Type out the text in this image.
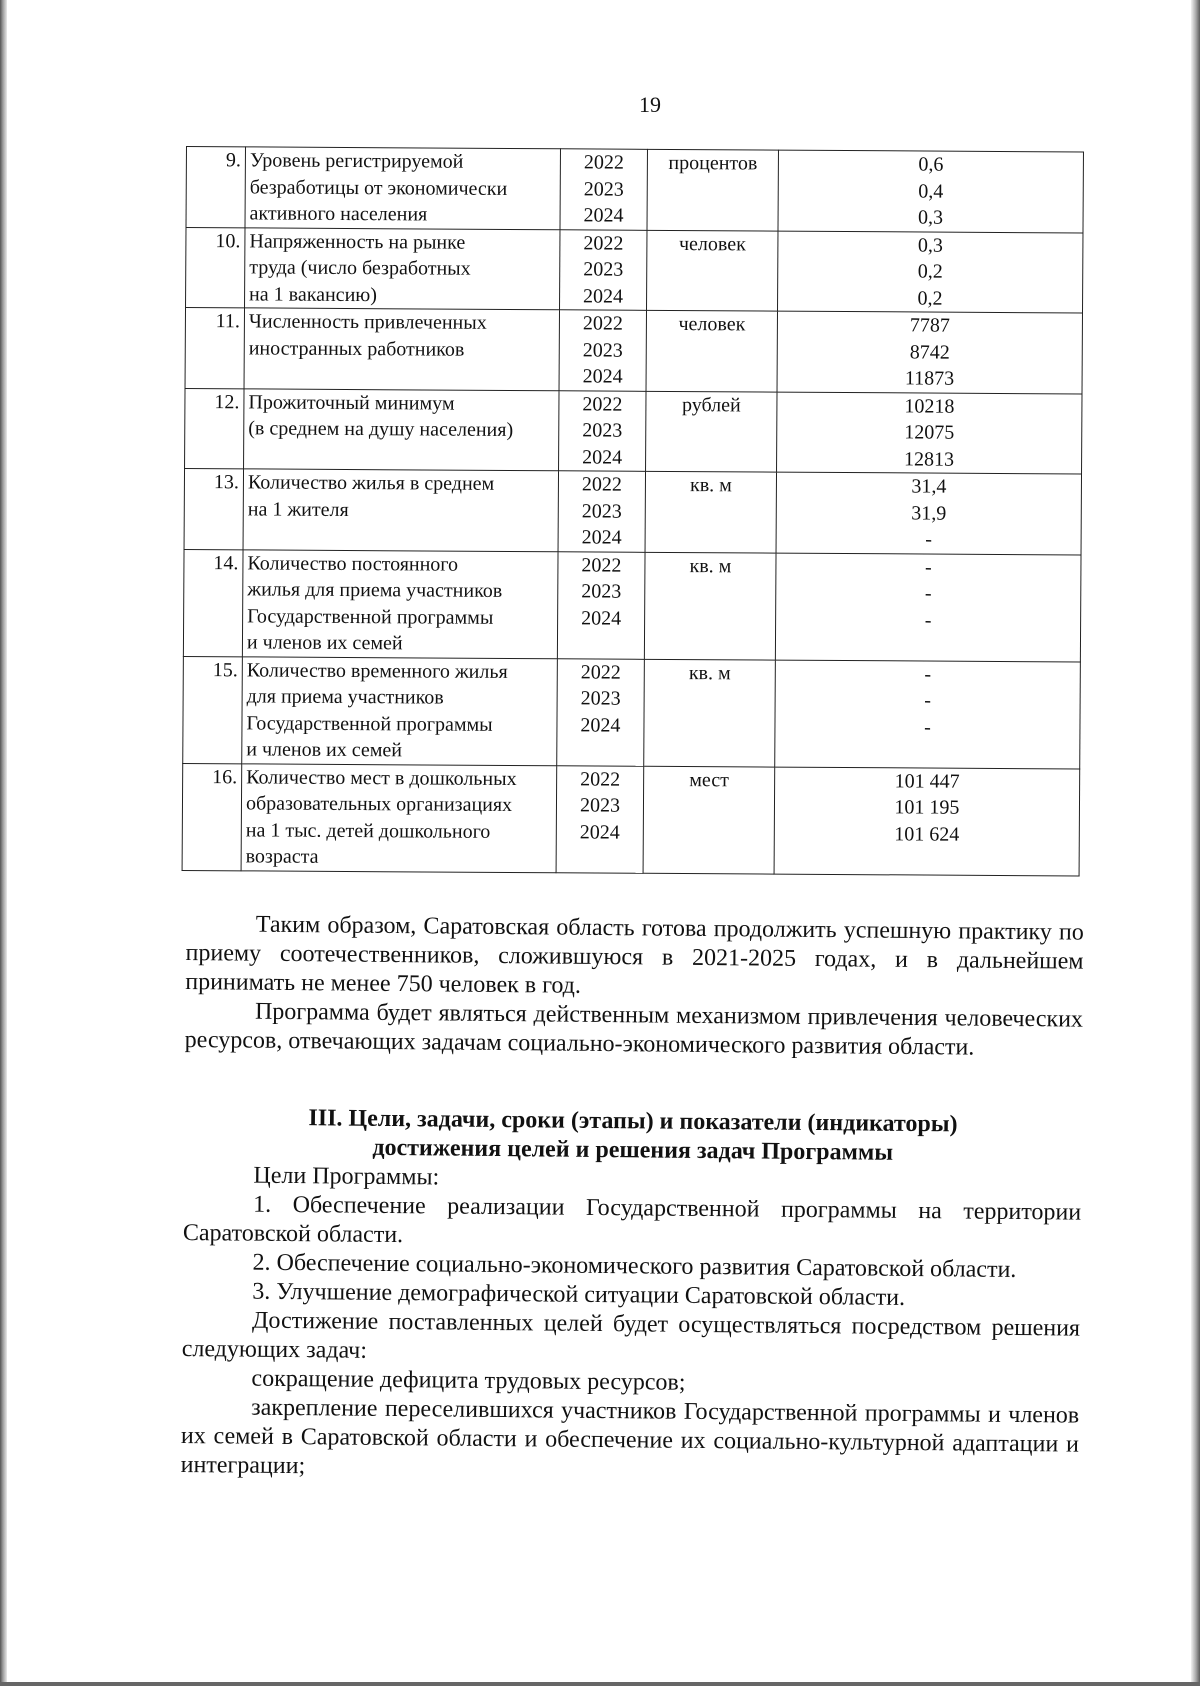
19
9.	Уровень регистрируемой
безработицы от экономически
активного населения	2022
2023
2024	процентов	0,6
0,4
0,3

10.	Напряженность на рынке
труда (число безработных
на 1 вакансию)	2022
2023
2024	человек	0,3
0,2
0,2

11.	Численность привлеченных
иностранных работников	2022
2023
2024	человек	7787
8742
11873

12.	Прожиточный минимум
(в среднем на душу населения)	2022
2023
2024	рублей	10218
12075
12813

13.	Количество жилья в среднем
на 1 жителя	2022
2023
2024	кв. м	31,4
31,9
-

14.	Количество постоянного
жилья для приема участников
Государственной программы
и членов их семей	2022
2023
2024	кв. м	-
-
-

15.	Количество временного жилья
для приема участников
Государственной программы
и членов их семей	2022
2023
2024	кв. м	-
-
-

16.	Количество мест в дошкольных
образовательных организациях
на 1 тыс. детей дошкольного
возраста	2022
2023
2024	мест	101 447
101 195
101 624

Таким образом, Саратовская область готова продолжить успешную практику по приему соотечественников, сложившуюся в 2021-2025 годах, и в дальнейшем принимать не менее 750 человек в год.

Программа будет являться действенным механизмом привлечения человеческих ресурсов, отвечающих задачам социально-экономического развития области.

III. Цели, задачи, сроки (этапы) и показатели (индикаторы)
достижения целей и решения задач Программы

Цели Программы:

1. Обеспечение реализации Государственной программы на территории Саратовской области.

2. Обеспечение социально-экономического развития Саратовской области.

3. Улучшение демографической ситуации Саратовской области.

Достижение поставленных целей будет осуществляться посредством решения следующих задач:

сокращение дефицита трудовых ресурсов;

закрепление переселившихся участников Государственной программы и членов их семей в Саратовской области и обеспечение их социально-культурной адаптации и интеграции;
